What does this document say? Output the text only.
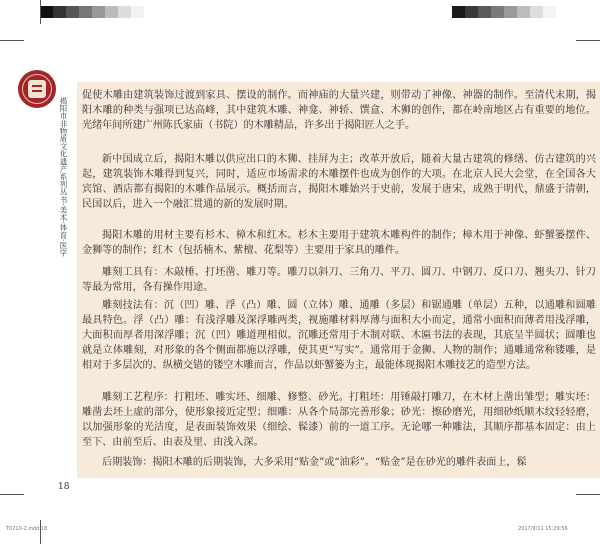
揭阳市非物质文化遗产系列丛书·美术·体育·医学

促使木雕由建筑装饰过渡到家具、摆设的制作。而神庙的大量兴建，则带动了神像、神器的制作。至清代末期，揭阳木雕的种类与强项已达高峰，其中建筑木雕、神龛、神轿、馔盒、木狮的创作，都在岭南地区占有重要的地位。光绪年间所建广州陈氏家庙（书院）的木雕精品，许多出于揭阳匠人之手。

新中国成立后，揭阳木雕以供应出口的木狮、挂屏为主；改革开放后，随着大量古建筑的修缮、仿古建筑的兴起，建筑装饰木雕得到复兴，同时，适应市场需求的木雕摆件也成为创作的大项。在北京人民大会堂，在全国各大宾馆、酒店都有揭阳的木雕作品展示。概括而言，揭阳木雕始兴于史前，发展于唐宋，成熟于明代，鼎盛于清朝，民国以后，进入一个融汇贯通的新的发展时期。

揭阳木雕的用材主要有杉木、樟木和红木。杉木主要用于建筑木雕构件的制作；樟木用于神像、虾蟹篓摆件、金狮等的制作；红木（包括楠木、紫檀、花梨等）主要用于家具的雕件。

雕刻工具有：木敲棰、打坯凿、雕刀等。雕刀以斜刀、三角刀、平刀、圆刀、中钢刀、反口刀、翘头刀、针刀等最为常用，各有操作用途。

雕刻技法有：沉（凹）雕、浮（凸）雕、圆（立体）雕、通雕（多层）和锯通雕（单层）五种，以通雕和圆雕最具特色。浮（凸）雕：有浅浮雕及深浮雕两类，视施雕材料厚薄与面积大小而定，通常小面积而薄者用浅浮雕，大面积而厚者用深浮雕；沉（凹）雕道理相似。沉雕还常用于木制对联、木匾书法的表现，其底呈半圆状；圆雕也就是立体雕刻，对形象的各个侧面都施以浮雕，使其更“写实”。通常用于金狮、人物的制作；通雕通常称镂雕，是相对于多层次的、纵横交错的镂空木雕而言，作品以虾蟹篓为主，最能体现揭阳木雕技艺的造型方法。

雕刻工艺程序：打粗坯、雕实坯、细雕、修整、砂光。打粗坯：用锤敲打雕刀，在木材上凿出雏型；雕实坯：雕凿去坯上虚的部分，使形象接近定型；细雕：从各个局部完善形象；砂光：擦砂磨光，用细砂纸顺木纹轻轻磨，以加强形象的光洁度，是表面装饰效果（细绘、髹漆）前的一道工序。无论哪一种雕法，其顺序都基本固定：由上至下、由前至后、由表及里、由浅入深。

后期装饰：揭阳木雕的后期装饰，大多采用“贴金”或“油彩”。“贴金”是在砂光的雕件表面上，髹

18
T0210-2.indd 18	2017/9/11 15:29:56
